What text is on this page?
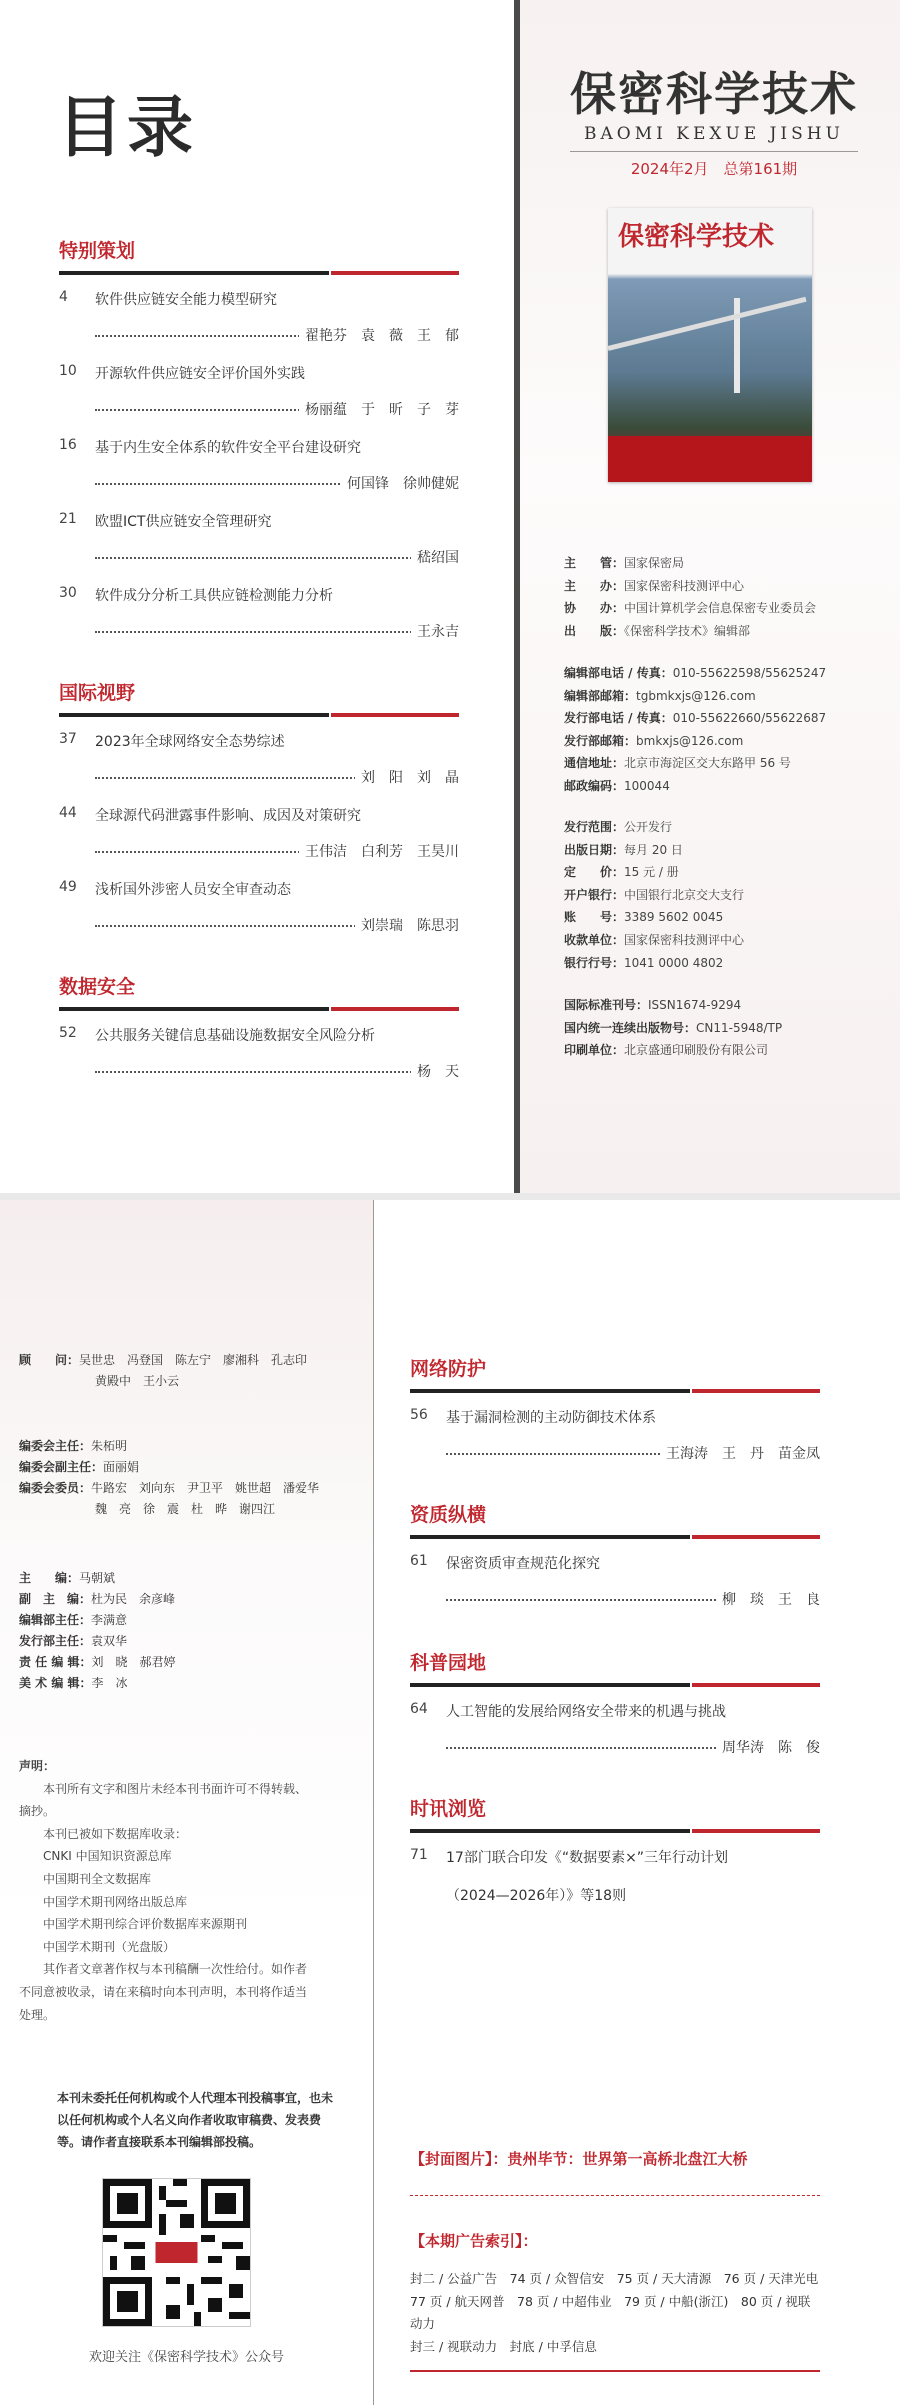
目录
特别策划
4 软件供应链安全能力模型研究
翟艳芬　袁　薇　王　郁
10 开源软件供应链安全评价国外实践
杨丽蕴　于　昕　子　芽
16 基于内生安全体系的软件安全平台建设研究
何国锋　徐帅健妮
21 欧盟ICT供应链安全管理研究
嵇绍国
30 软件成分分析工具供应链检测能力分析
王永吉
国际视野
37 2023年全球网络安全态势综述
刘　阳　刘　晶
44 全球源代码泄露事件影响、成因及对策研究
王伟洁　白利芳　王昊川
49 浅析国外涉密人员安全审查动态
刘崇瑞　陈思羽
数据安全
52 公共服务关键信息基础设施数据安全风险分析
杨　天
保密科学技术
BAOMI KEXUE JISHU
2024年2月　总第161期
保密科学技术
主　　管：国家保密局
主　　办：国家保密科技测评中心
协　　办：中国计算机学会信息保密专业委员会
出　　版：《保密科学技术》编辑部
编辑部电话 / 传真：010-55622598/55625247
编辑部邮箱：tgbmkxjs@126.com
发行部电话 / 传真：010-55622660/55622687
发行部邮箱：bmkxjs@126.com
通信地址：北京市海淀区交大东路甲 56 号
邮政编码：100044
发行范围：公开发行
出版日期：每月 20 日
定　　价：15 元 / 册
开户银行：中国银行北京交大支行
账　　号：3389 5602 0045
收款单位：国家保密科技测评中心
银行行号：1041 0000 4802
国际标准刊号：ISSN1674-9294
国内统一连续出版物号：CN11-5948/TP
印刷单位：北京盛通印刷股份有限公司
顾　　问：吴世忠　冯登国　陈左宁　廖湘科　孔志印
黄殿中　王小云
编委会主任：朱柘明
编委会副主任：面丽娟
编委会委员：牛路宏　刘向东　尹卫平　姚世超　潘爱华
魏　亮　徐　震　杜　晔　谢四江
主　　编：马朝斌
副　主　编：杜为民　余彦峰
编辑部主任：李满意
发行部主任：袁双华
责 任 编 辑：刘　晓　郝君婷
美 术 编 辑：李　冰
声明：
　　本刊所有文字和图片未经本刊书面许可不得转载、
摘抄。
　　本刊已被如下数据库收录：
　　CNKI 中国知识资源总库
　　中国期刊全文数据库
　　中国学术期刊网络出版总库
　　中国学术期刊综合评价数据库来源期刊
　　中国学术期刊（光盘版）
　　其作者文章著作权与本刊稿酬一次性给付。如作者
不同意被收录，请在来稿时向本刊声明，本刊将作适当
处理。
本刊未委托任何机构或个人代理本刊投稿事宜，也未以任何机构或个人名义向作者收取审稿费、发表费等。请作者直接联系本刊编辑部投稿。
欢迎关注《保密科学技术》公众号
网络防护
56 基于漏洞检测的主动防御技术体系
王海涛　王　丹　苗金凤
资质纵横
61 保密资质审查规范化探究
柳　琰　王　良
科普园地
64 人工智能的发展给网络安全带来的机遇与挑战
周华涛　陈　俊
时讯浏览
71 17部门联合印发《“数据要素×”三年行动计划
（2024—2026年）》等18则
【封面图片】：贵州毕节：世界第一高桥北盘江大桥
【本期广告索引】：
封二 / 公益广告　74 页 / 众智信安　75 页 / 天大清源　76 页 / 天津光电
77 页 / 航天网普　78 页 / 中超伟业　79 页 / 中船(浙江)　80 页 / 视联动力
封三 / 视联动力　封底 / 中孚信息
